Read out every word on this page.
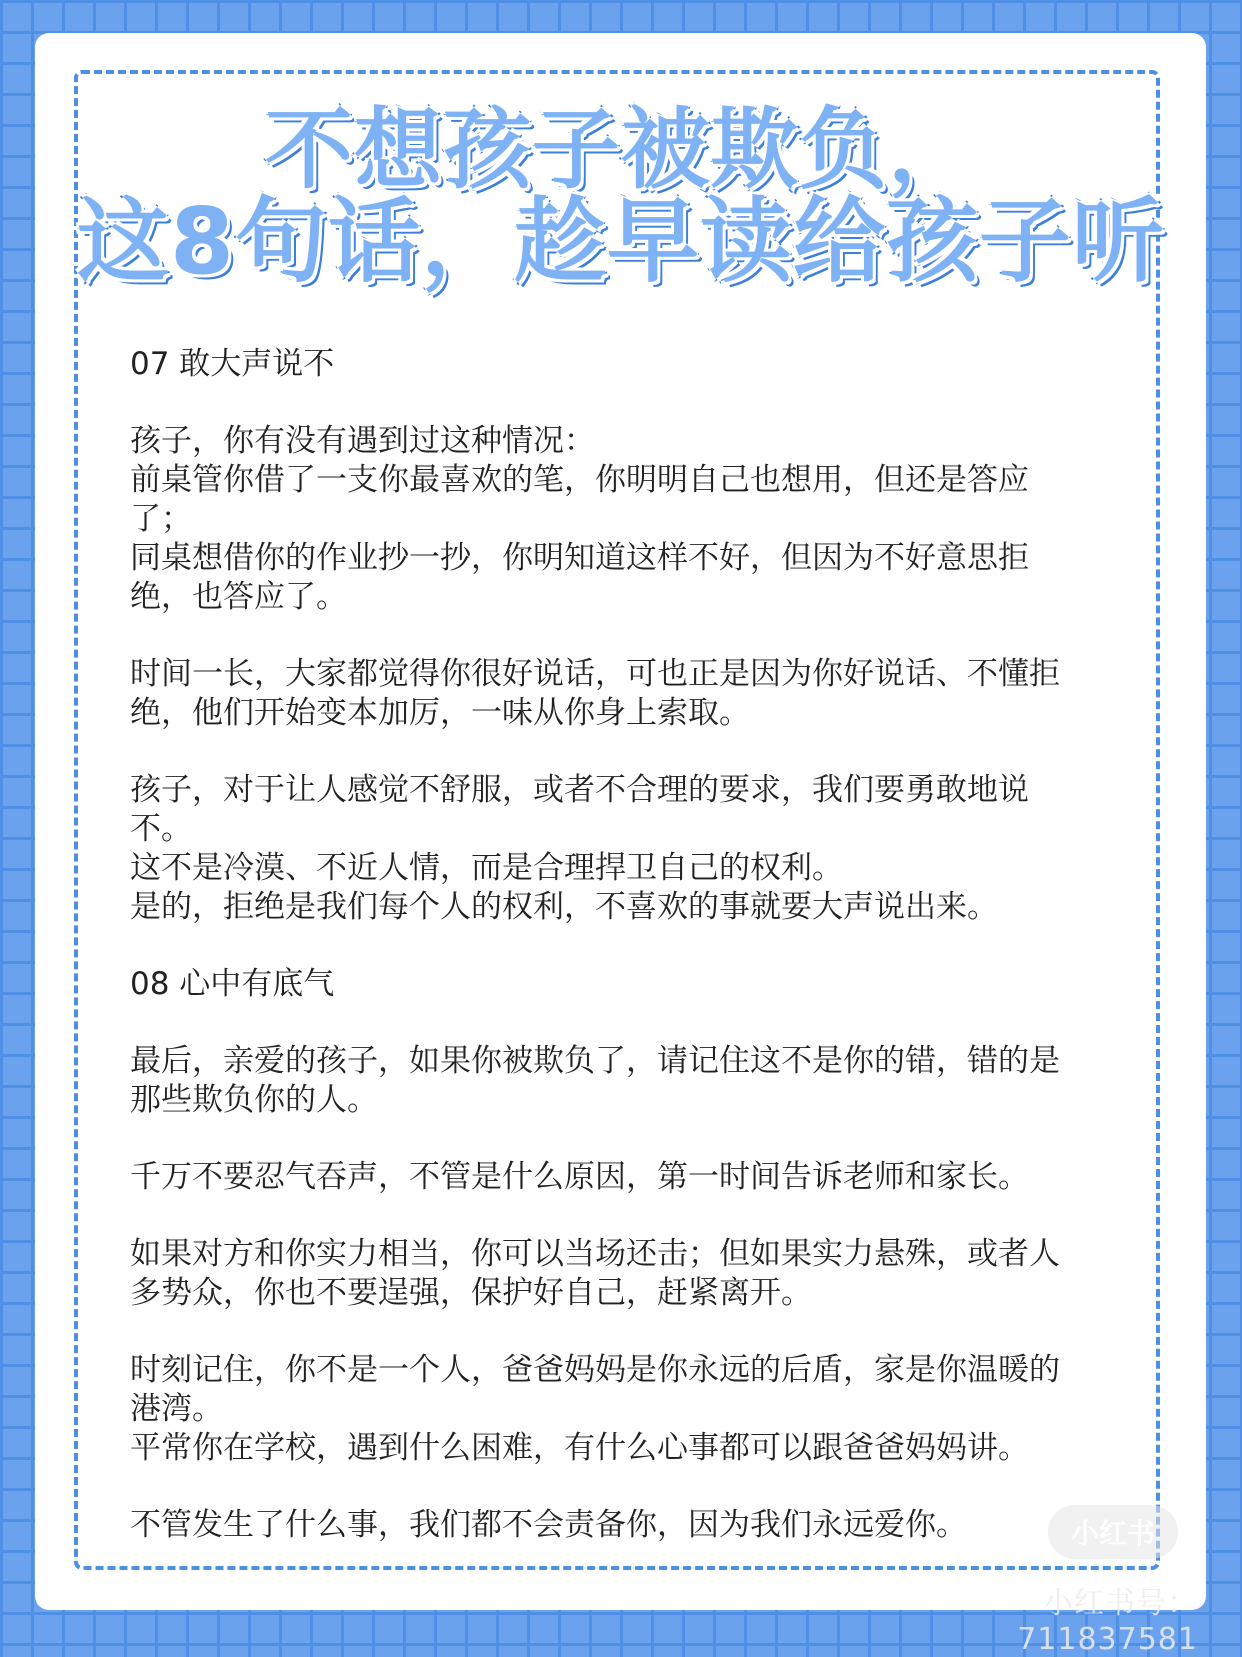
不想孩子被欺负，
这8句话，趁早读给孩子听

07 敢大声说不

孩子，你有没有遇到过这种情况：

前桌管你借了一支你最喜欢的笔，你明明自己也想用，但还是答应

了；

同桌想借你的作业抄一抄，你明知道这样不好，但因为不好意思拒

绝，也答应了。

时间一长，大家都觉得你很好说话，可也正是因为你好说话、不懂拒

绝，他们开始变本加厉，一味从你身上索取。

孩子，对于让人感觉不舒服，或者不合理的要求，我们要勇敢地说

不。

这不是冷漠、不近人情，而是合理捍卫自己的权利。

是的，拒绝是我们每个人的权利，不喜欢的事就要大声说出来。

08 心中有底气

最后，亲爱的孩子，如果你被欺负了，请记住这不是你的错，错的是

那些欺负你的人。

千万不要忍气吞声，不管是什么原因，第一时间告诉老师和家长。

如果对方和你实力相当，你可以当场还击；但如果实力悬殊，或者人

多势众，你也不要逞强，保护好自己，赶紧离开。

时刻记住，你不是一个人，爸爸妈妈是你永远的后盾，家是你温暖的

港湾。

平常你在学校，遇到什么困难，有什么心事都可以跟爸爸妈妈讲。

不管发生了什么事，我们都不会责备你，因为我们永远爱你。	小红书
小红书号：711837581
